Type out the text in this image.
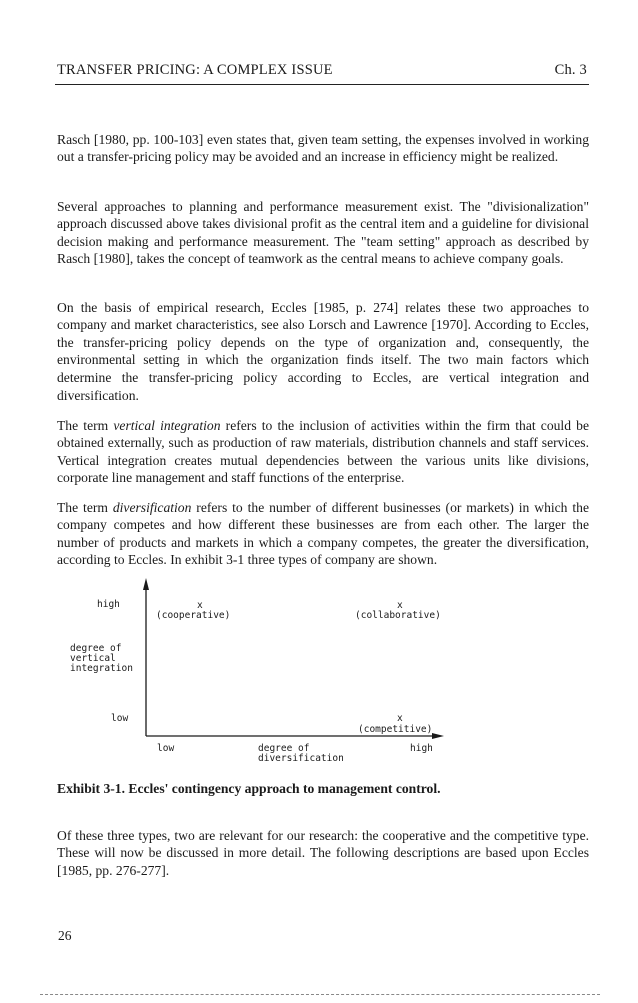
TRANSFER PRICING: A COMPLEX ISSUE	Ch. 3

Rasch [1980, pp. 100-103] even states that, given team setting, the expenses involved in working out a transfer-pricing policy may be avoided and an increase in efficiency might be realized.

Several approaches to planning and performance measurement exist. The "divisionalization" approach discussed above takes divisional profit as the central item and a guideline for divisional decision making and performance measurement. The "team setting" approach as described by Rasch [1980], takes the concept of teamwork as the central means to achieve company goals.

On the basis of empirical research, Eccles [1985, p. 274] relates these two approaches to company and market characteristics, see also Lorsch and Lawrence [1970]. According to Eccles, the transfer-pricing policy depends on the type of organization and, consequently, the environmental setting in which the organization finds itself. The two main factors which determine the transfer-pricing policy according to Eccles, are vertical integration and diversification.

The term vertical integration refers to the inclusion of activities within the firm that could be obtained externally, such as production of raw materials, distribution channels and staff services. Vertical integration creates mutual dependencies between the various units like divisions, corporate line management and staff functions of the enterprise.

The term diversification refers to the number of different businesses (or markets) in which the company competes and how different these businesses are from each other. The larger the number of products and markets in which a company competes, the greater the diversification, according to Eccles. In exhibit 3-1 three types of company are shown.

high
degree of
vertical
integration
low
x
(cooperative)
x
(collaborative)
x
(competitive)
low	degree of
diversification
high
Exhibit 3-1. Eccles' contingency approach to management control.

Of these three types, two are relevant for our research: the cooperative and the competitive type. These will now be discussed in more detail. The following descriptions are based upon Eccles [1985, pp. 276-277].

26
